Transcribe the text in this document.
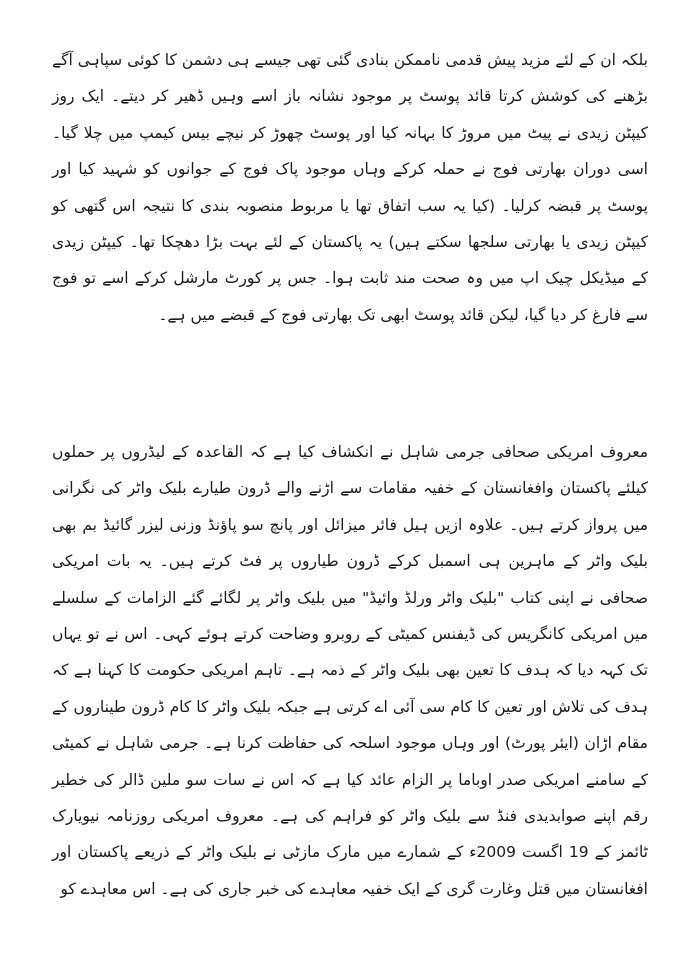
بلکہ ان کے لئے مزید پیش قدمی ناممکن بنادی گئی تھی جیسے ہی دشمن کا کوئی سپاہی آگے بڑھنے کی کوشش کرتا قائد پوسٹ پر موجود نشانہ باز اسے وہیں ڈھیر کر دیتے۔ ایک روز کیپٹن زیدی نے پیٹ میں مروڑ کا بہانہ کیا اور پوسٹ چھوڑ کر نیچے بیس کیمپ میں چلا گیا۔ اسی دوران بھارتی فوج نے حملہ کرکے وہاں موجود پاک فوج کے جوانوں کو شہید کیا اور پوسٹ پر قبضہ کرلیا۔ (کیا یہ سب اتفاق تھا یا مربوط منصوبہ بندی کا نتیجہ اس گتھی کو کیپٹن زیدی یا بھارتی سلجھا سکتے ہیں) یہ پاکستان کے لئے بہت بڑا دھچکا تھا۔ کیپٹن زیدی کے میڈیکل چیک اپ میں وہ صحت مند ثابت ہوا۔ جس پر کورٹ مارشل کرکے اسے تو فوج سے فارغ کر دیا گیا، لیکن قائد پوسٹ ابھی تک بھارتی فوج کے قبضے میں ہے۔

معروف امریکی صحافی جرمی شاہل نے انکشاف کیا ہے کہ القاعدہ کے لیڈروں پر حملوں کیلئے پاکستان وافغانستان کے خفیہ مقامات سے اڑنے والے ڈرون طیارے بلیک واٹر کی نگرانی میں پرواز کرتے ہیں۔ علاوہ ازیں ہیل فائر میزائل اور پانچ سو پاؤنڈ وزنی لیزر گائیڈ بم بھی بلیک واٹر کے ماہرین ہی اسمبل کرکے ڈرون طیاروں پر فٹ کرتے ہیں۔ یہ بات امریکی صحافی نے اپنی کتاب "بلیک واٹر ورلڈ وائیڈ" میں بلیک واٹر پر لگائے گئے الزامات کے سلسلے میں امریکی کانگریس کی ڈیفنس کمیٹی کے روبرو وضاحت کرتے ہوئے کہی۔ اس نے تو یہاں تک کہہ دیا کہ ہدف کا تعین بھی بلیک واٹر کے ذمہ ہے۔ تاہم امریکی حکومت کا کہنا ہے کہ ہدف کی تلاش اور تعین کا کام سی آئی اے کرتی ہے جبکہ بلیک واٹر کا کام ڈرون طیناروں کے مقام اڑان (ایئر پورٹ) اور وہاں موجود اسلحہ کی حفاظت کرنا ہے۔ جرمی شاہل نے کمیٹی کے سامنے امریکی صدر اوباما پر الزام عائد کیا ہے کہ اس نے سات سو ملین ڈالر کی خطیر رقم اپنے صوابدیدی فنڈ سے بلیک واٹر کو فراہم کی ہے۔ معروف امریکی روزنامہ نیویارک ٹائمز کے 19 اگست 2009ء کے شمارے میں مارک مازٹی نے بلیک واٹر کے ذریعے پاکستان اور افغانستان میں قتل وغارت گری کے ایک خفیہ معاہدے کی خبر جاری کی ہے۔ اس معاہدے کو
